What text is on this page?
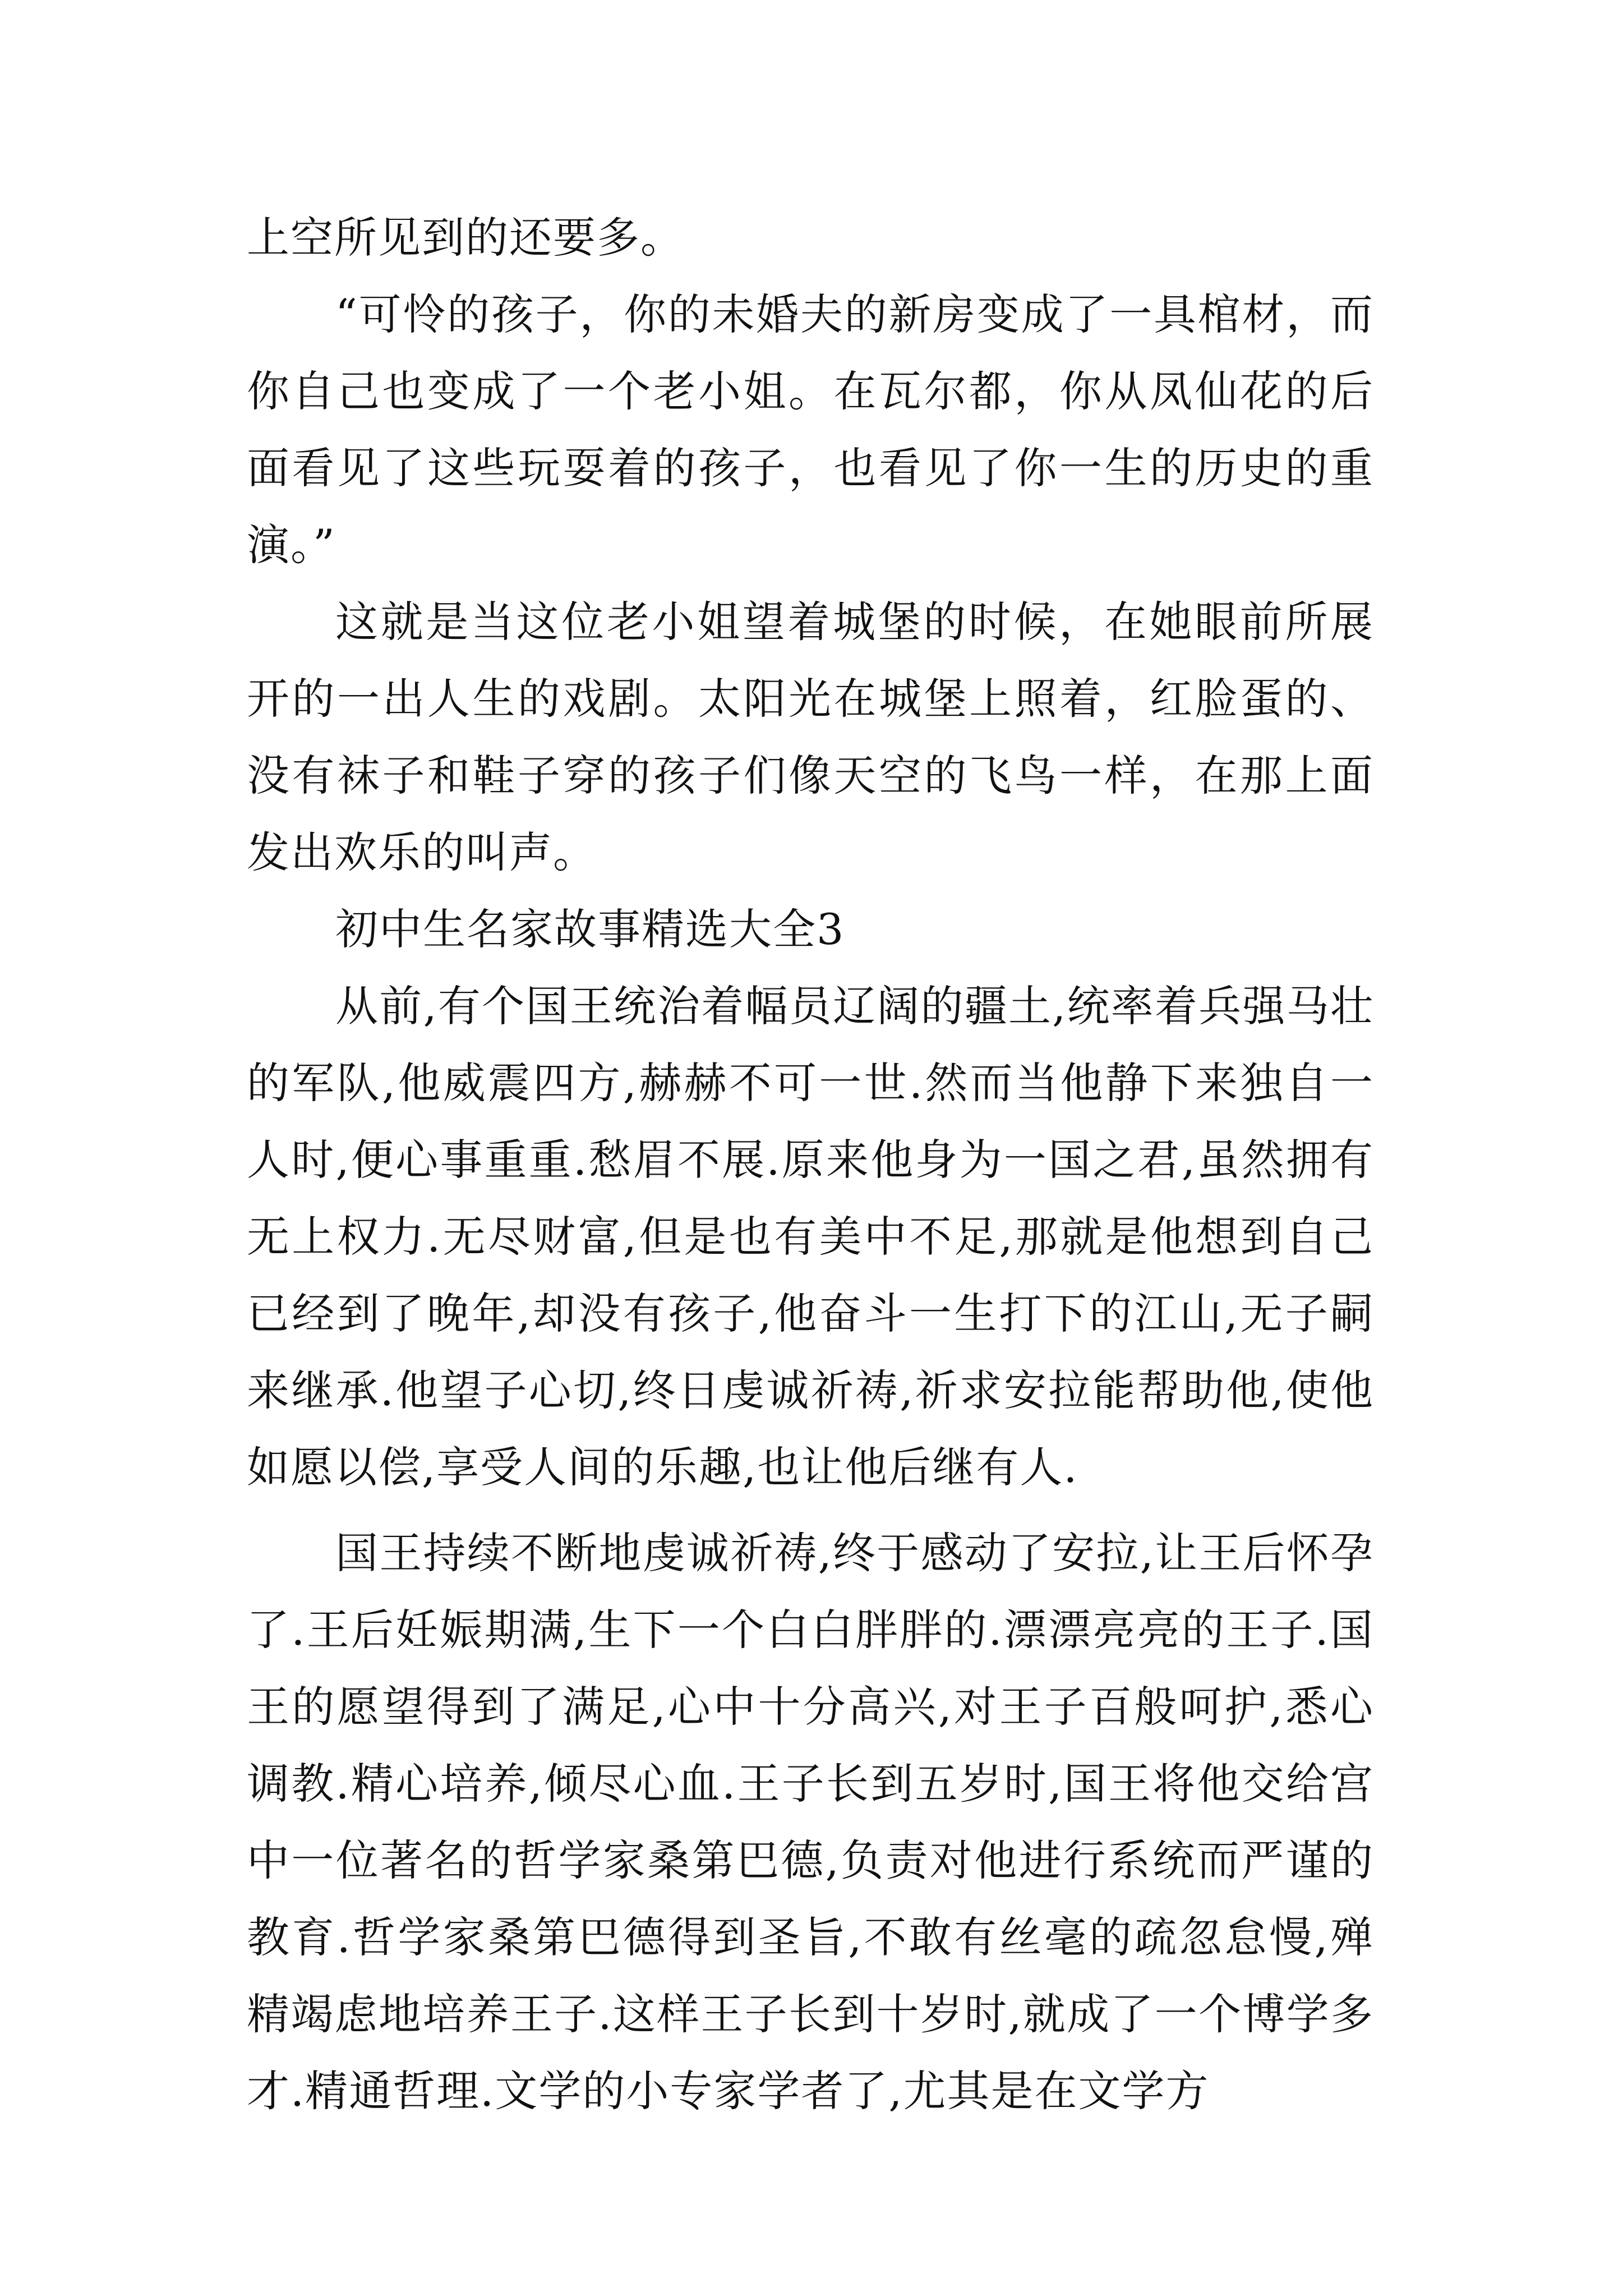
上空所见到的还要多。

“可怜的孩子，你的未婚夫的新房变成了一具棺材，而你自己也变成了一个老小姐。在瓦尔都，你从凤仙花的后面看见了这些玩耍着的孩子，也看见了你一生的历史的重演。”

这就是当这位老小姐望着城堡的时候，在她眼前所展开的一出人生的戏剧。太阳光在城堡上照着，红脸蛋的、没有袜子和鞋子穿的孩子们像天空的飞鸟一样，在那上面发出欢乐的叫声。

初中生名家故事精选大全3

从前,有个国王统治着幅员辽阔的疆土,统率着兵强马壮的军队,他威震四方,赫赫不可一世.然而当他静下来独自一人时,便心事重重.愁眉不展.原来他身为一国之君,虽然拥有无上权力.无尽财富,但是也有美中不足,那就是他想到自己已经到了晚年,却没有孩子,他奋斗一生打下的江山,无子嗣来继承.他望子心切,终日虔诚祈祷,祈求安拉能帮助他,使他如愿以偿,享受人间的乐趣,也让他后继有人.

国王持续不断地虔诚祈祷,终于感动了安拉,让王后怀孕了.王后妊娠期满,生下一个白白胖胖的.漂漂亮亮的王子.国王的愿望得到了满足,心中十分高兴,对王子百般呵护,悉心调教.精心培养,倾尽心血.王子长到五岁时,国王将他交给宫中一位著名的哲学家桑第巴德,负责对他进行系统而严谨的教育.哲学家桑第巴德得到圣旨,不敢有丝毫的疏忽怠慢,殚精竭虑地培养王子.这样王子长到十岁时,就成了一个博学多才.精通哲理.文学的小专家学者了,尤其是在文学方
